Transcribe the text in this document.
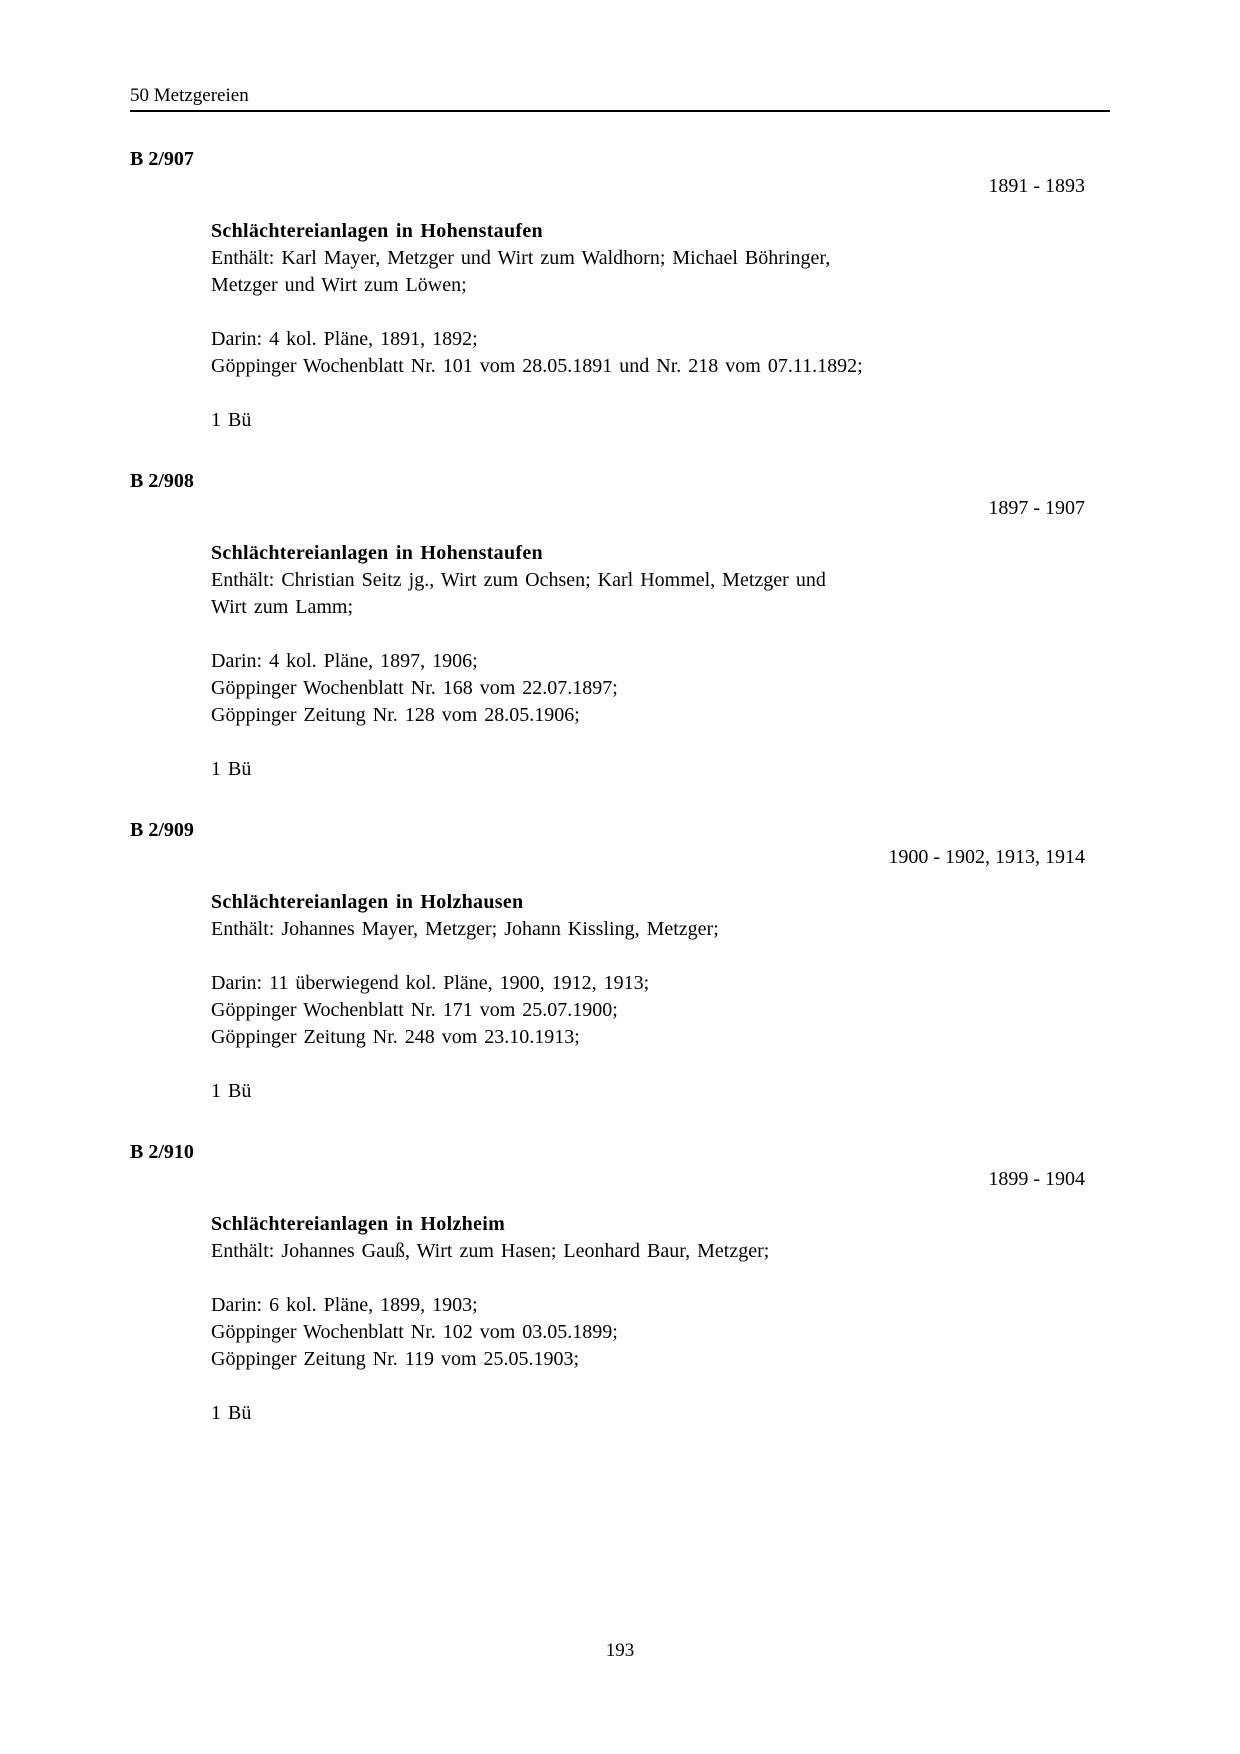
50 Metzgereien
B 2/907
1891 - 1893
Schlächtereianlagen in Hohenstaufen
Enthält: Karl Mayer, Metzger und Wirt zum Waldhorn; Michael Böhringer,
Metzger und Wirt zum Löwen;
Darin: 4 kol. Pläne, 1891, 1892;
Göppinger Wochenblatt Nr. 101 vom 28.05.1891 und Nr. 218 vom 07.11.1892;
1 Bü
B 2/908
1897 - 1907
Schlächtereianlagen in Hohenstaufen
Enthält: Christian Seitz jg., Wirt zum Ochsen; Karl Hommel, Metzger und
Wirt zum Lamm;
Darin: 4 kol. Pläne, 1897, 1906;
Göppinger Wochenblatt Nr. 168 vom 22.07.1897;
Göppinger Zeitung Nr. 128 vom 28.05.1906;
1 Bü
B 2/909
1900 - 1902, 1913, 1914
Schlächtereianlagen in Holzhausen
Enthält: Johannes Mayer, Metzger; Johann Kissling, Metzger;
Darin: 11 überwiegend kol. Pläne, 1900, 1912, 1913;
Göppinger Wochenblatt Nr. 171 vom 25.07.1900;
Göppinger Zeitung Nr. 248 vom 23.10.1913;
1 Bü
B 2/910
1899 - 1904
Schlächtereianlagen in Holzheim
Enthält: Johannes Gauß, Wirt zum Hasen; Leonhard Baur, Metzger;
Darin: 6 kol. Pläne, 1899, 1903;
Göppinger Wochenblatt Nr. 102 vom 03.05.1899;
Göppinger Zeitung Nr. 119 vom 25.05.1903;
1 Bü
193
